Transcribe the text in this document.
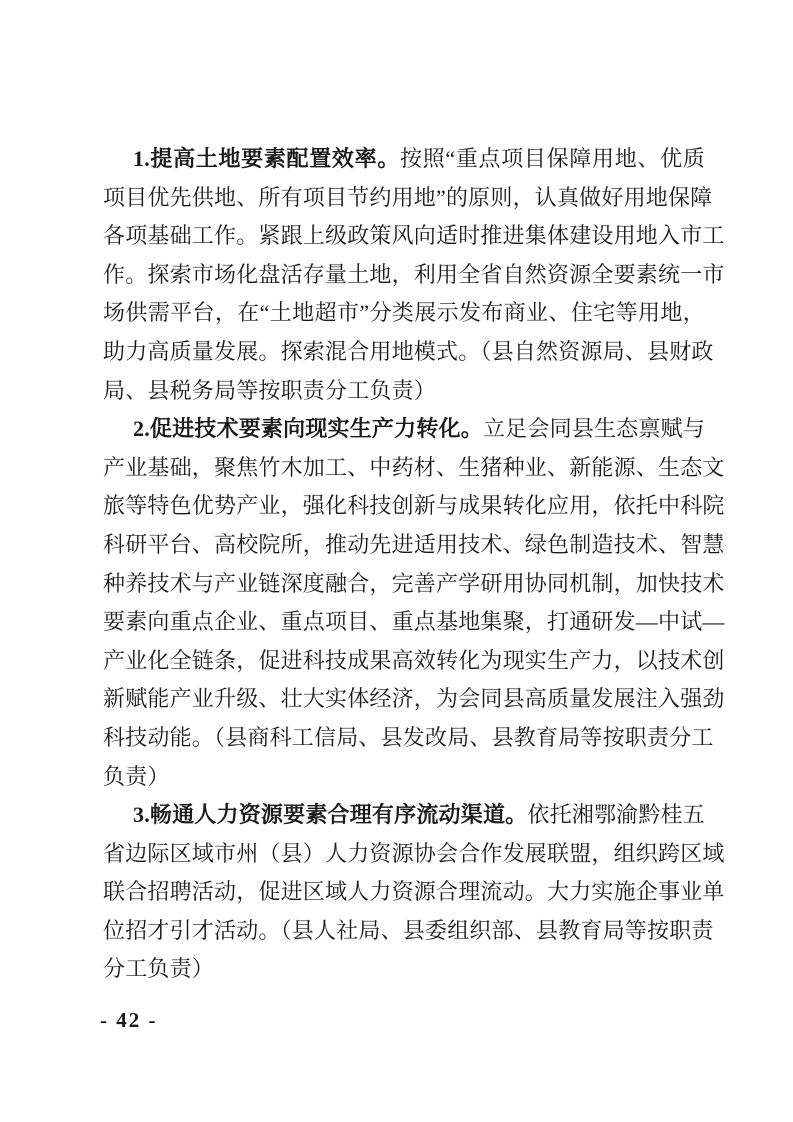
1.提高土地要素配置效率。按照“重点项目保障用地、优质
项目优先供地、所有项目节约用地”的原则，认真做好用地保障
各项基础工作。紧跟上级政策风向适时推进集体建设用地入市工
作。探索市场化盘活存量土地，利用全省自然资源全要素统一市
场供需平台，在“土地超市”分类展示发布商业、住宅等用地，
助力高质量发展。探索混合用地模式。（县自然资源局、县财政
局、县税务局等按职责分工负责）
2.促进技术要素向现实生产力转化。立足会同县生态禀赋与
产业基础，聚焦竹木加工、中药材、生猪种业、新能源、生态文
旅等特色优势产业，强化科技创新与成果转化应用，依托中科院
科研平台、高校院所，推动先进适用技术、绿色制造技术、智慧
种养技术与产业链深度融合，完善产学研用协同机制，加快技术
要素向重点企业、重点项目、重点基地集聚，打通研发—中试—
产业化全链条，促进科技成果高效转化为现实生产力，以技术创
新赋能产业升级、壮大实体经济，为会同县高质量发展注入强劲
科技动能。（县商科工信局、县发改局、县教育局等按职责分工
负责）
3.畅通人力资源要素合理有序流动渠道。依托湘鄂渝黔桂五
省边际区域市州（县）人力资源协会合作发展联盟，组织跨区域
联合招聘活动，促进区域人力资源合理流动。大力实施企事业单
位招才引才活动。（县人社局、县委组织部、县教育局等按职责
分工负责）
- 42 -
